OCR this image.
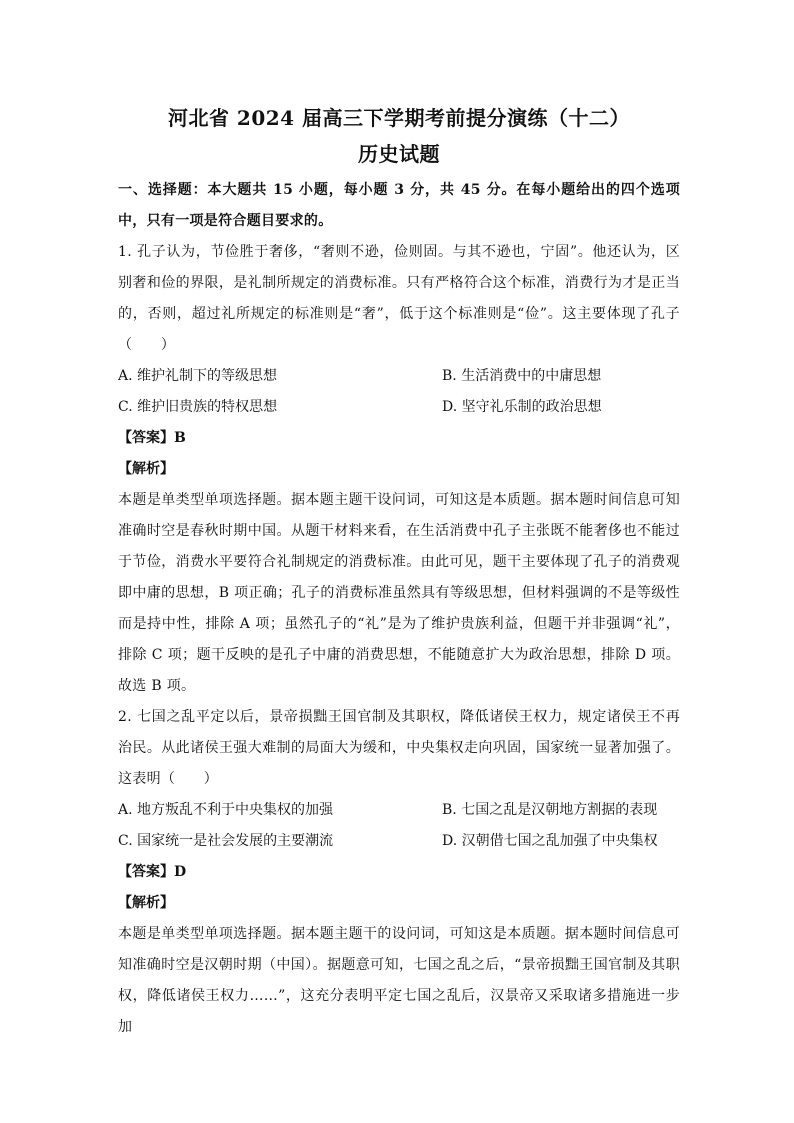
河北省 2024 届高三下学期考前提分演练（十二）
历史试题

一、选择题：本大题共 15 小题，每小题 3 分，共 45 分。在每小题给出的四个选项中，只有一项是符合题目要求的。

1. 孔子认为，节俭胜于奢侈，“奢则不逊，俭则固。与其不逊也，宁固”。他还认为，区别奢和俭的界限，是礼制所规定的消费标准。只有严格符合这个标准，消费行为才是正当的，否则，超过礼所规定的标准则是“奢”，低于这个标准则是“俭”。这主要体现了孔子（　　）

A. 维护礼制下的等级思想	B. 生活消费中的中庸思想
C. 维护旧贵族的特权思想	D. 坚守礼乐制的政治思想

【答案】B

【解析】

本题是单类型单项选择题。据本题主题干设问词，可知这是本质题。据本题时间信息可知准确时空是春秋时期中国。从题干材料来看，在生活消费中孔子主张既不能奢侈也不能过于节俭，消费水平要符合礼制规定的消费标准。由此可见，题干主要体现了孔子的消费观即中庸的思想，B 项正确；孔子的消费标准虽然具有等级思想，但材料强调的不是等级性而是持中性，排除 A 项；虽然孔子的“礼”是为了维护贵族利益，但题干并非强调“礼”，排除 C 项；题干反映的是孔子中庸的消费思想，不能随意扩大为政治思想，排除 D 项。故选 B 项。

2. 七国之乱平定以后，景帝损黜王国官制及其职权，降低诸侯王权力，规定诸侯王不再治民。从此诸侯王强大难制的局面大为缓和，中央集权走向巩固，国家统一显著加强了。这表明（　　）

A. 地方叛乱不利于中央集权的加强	B. 七国之乱是汉朝地方割据的表现
C. 国家统一是社会发展的主要潮流	D. 汉朝借七国之乱加强了中央集权

【答案】D

【解析】

本题是单类型单项选择题。据本题主题干的设问词，可知这是本质题。据本题时间信息可知准确时空是汉朝时期（中国）。据题意可知，七国之乱之后，“景帝损黜王国官制及其职权，降低诸侯王权力……”，这充分表明平定七国之乱后，汉景帝又采取诸多措施进一步加
